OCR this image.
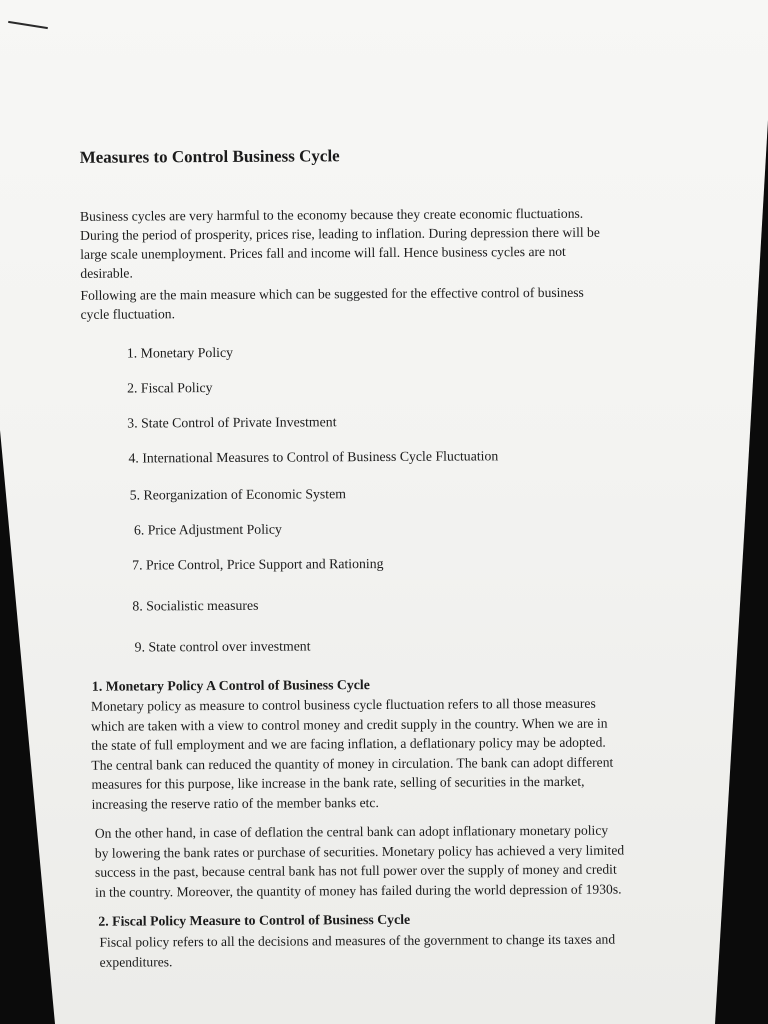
Measures to Control Business Cycle
Business cycles are very harmful to the economy because they create economic fluctuations.
During the period of prosperity, prices rise, leading to inflation. During depression there will be
large scale unemployment. Prices fall and income will fall. Hence business cycles are not
desirable.
Following are the main measure which can be suggested for the effective control of business
cycle fluctuation.
1. Monetary Policy
2. Fiscal Policy
3. State Control of Private Investment
4. International Measures to Control of Business Cycle Fluctuation
5. Reorganization of Economic System
6. Price Adjustment Policy
7. Price Control, Price Support and Rationing
8. Socialistic measures
9. State control over investment
1. Monetary Policy A Control of Business Cycle
Monetary policy as measure to control business cycle fluctuation refers to all those measures
which are taken with a view to control money and credit supply in the country. When we are in
the state of full employment and we are facing inflation, a deflationary policy may be adopted.
The central bank can reduced the quantity of money in circulation. The bank can adopt different
measures for this purpose, like increase in the bank rate, selling of securities in the market,
increasing the reserve ratio of the member banks etc.
On the other hand, in case of deflation the central bank can adopt inflationary monetary policy
by lowering the bank rates or purchase of securities. Monetary policy has achieved a very limited
success in the past, because central bank has not full power over the supply of money and credit
in the country. Moreover, the quantity of money has failed during the world depression of 1930s.
2. Fiscal Policy Measure to Control of Business Cycle
Fiscal policy refers to all the decisions and measures of the government to change its taxes and
expenditures.
